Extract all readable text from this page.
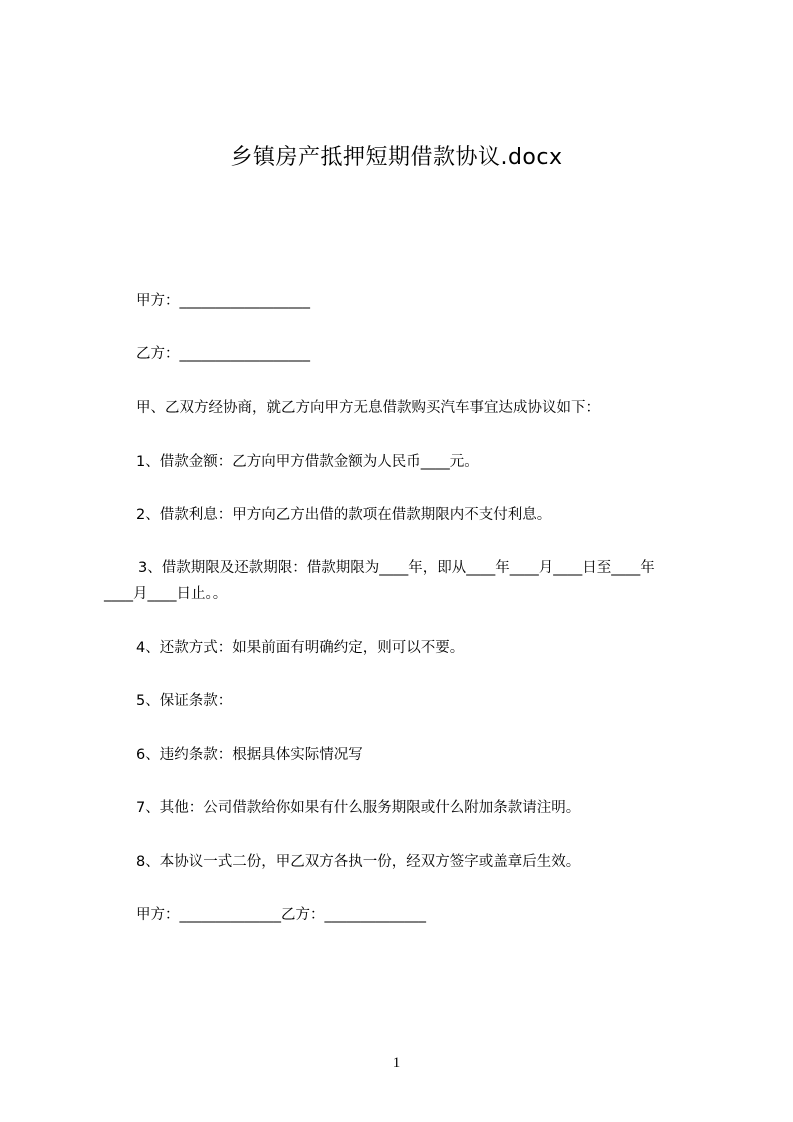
乡镇房产抵押短期借款协议.docx
甲方：__________________
乙方：__________________
甲、乙双方经协商，就乙方向甲方无息借款购买汽车事宜达成协议如下：
1、借款金额：乙方向甲方借款金额为人民币____元。
2、借款利息：甲方向乙方出借的款项在借款期限内不支付利息。
3、借款期限及还款期限：借款期限为____年，即从____年____月____日至____年
____月____日止。。
4、还款方式：如果前面有明确约定，则可以不要。
5、保证条款：
6、违约条款：根据具体实际情况写
7、其他：公司借款给你如果有什么服务期限或什么附加条款请注明。
8、本协议一式二份，甲乙双方各执一份，经双方签字或盖章后生效。
甲方：______________乙方：______________
1
